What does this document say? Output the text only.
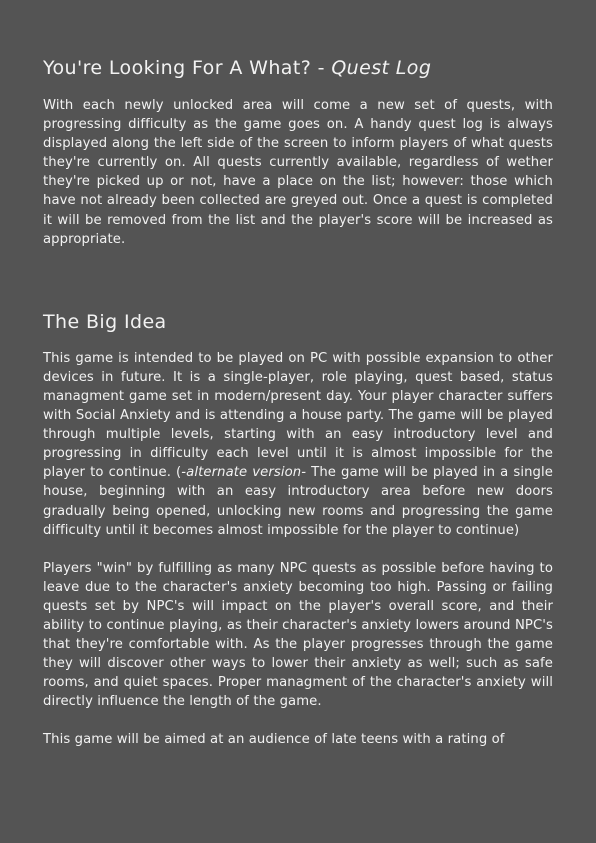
You're Looking For A What? - Quest Log

With each newly unlocked area will come a new set of quests, with progressing difficulty as the game goes on. A handy quest log is always displayed along the left side of the screen to inform players of what quests they're currently on. All quests currently available, regardless of wether they're picked up or not, have a place on the list; however: those which have not already been collected are greyed out. Once a quest is completed it will be removed from the list and the player's score will be increased as appropriate.

The Big Idea

This game is intended to be played on PC with possible expansion to other devices in future. It is a single-player, role playing, quest based, status managment game set in modern/present day. Your player character suffers with Social Anxiety and is attending a house party. The game will be played through multiple levels, starting with an easy introductory level and progressing in difficulty each level until it is almost impossible for the player to continue. (-alternate version- The game will be played in a single house, beginning with an easy introductory area before new doors gradually being opened, unlocking new rooms and progressing the game difficulty until it becomes almost impossible for the player to continue)

Players "win" by fulfilling as many NPC quests as possible before having to leave due to the character's anxiety becoming too high. Passing or failing quests set by NPC's will impact on the player's overall score, and their ability to continue playing, as their character's anxiety lowers around NPC's that they're comfortable with. As the player progresses through the game they will discover other ways to lower their anxiety as well; such as safe rooms, and quiet spaces. Proper managment of the character's anxiety will directly influence the length of the game.

This game will be aimed at an audience of late teens with a rating of
